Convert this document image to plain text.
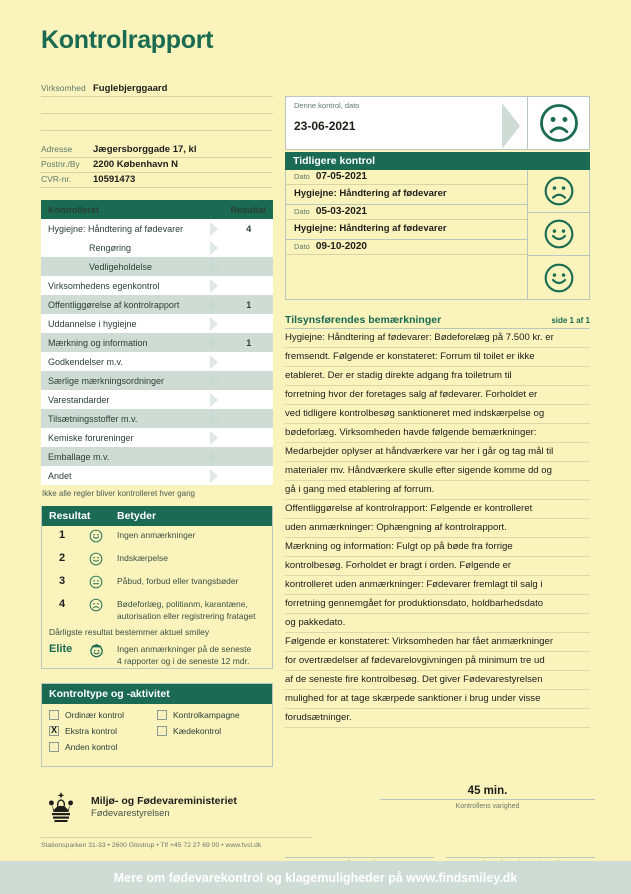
Kontrolrapport
Virksomhed Fuglebjerggaard
Adresse	Jægersborggade 17, kl
Postnr./By	2200 København N
CVR-nr.	10591473
Kontrolleret		Resultat
Hygiejne: Håndtering af fødevarer		4
Rengøring	

Vedligeholdelse	

Virksomhedens egenkontrol	

Offentliggørelse af kontrolrapport		1
Uddannelse i hygiejne	

Mærkning og information		1
Godkendelser m.v.	

Særlige mærkningsordninger	

Varestandarder	

Tilsætningsstoffer m.v.	

Kemiske forureninger	

Emballage m.v.	

Andet	

Ikke alle regler bliver kontrolleret hver gang
Resultat	Betyder
1	Ingen anmærkninger
2	Indskærpelse
3	Påbud, forbud eller tvangsbøder
4	Bødeforlæg, politianm, karantæne,
autorisation eller registrering frataget
Dårligste resultat bestemmer aktuel smiley
Elite	Ingen anmærkninger på de seneste
4 rapporter og i de seneste 12 mdr.
Kontroltype og -aktivitet
Ordinær kontrol	Kontrolkampagne
X
Ekstra kontrol	Kædekontrol
Anden kontrol
Denne kontrol, dato
23-06-2021
Tidligere kontrol
Dato 07-05-2021
Hygiejne: Håndtering af fødevarer
Dato 05-03-2021
Hygiejne: Håndtering af fødevarer
Dato 09-10-2020
Tilsynsførendes bemærkninger	side 1 af 1
Hygiejne: Håndtering af fødevarer: Bødeforelæg på 7.500 kr. er
fremsendt. Følgende er konstateret: Forrum til toilet er ikke
etableret. Der er stadig direkte adgang fra toiletrum til
forretning hvor der foretages salg af fødevarer. Forholdet er
ved tidligere kontrolbesøg sanktioneret med indskærpelse og
bødeforlæg. Virksomheden havde følgende bemærkninger:
Medarbejder oplyser at håndværkere var her i går og tag mål til
materialer mv. Håndværkere skulle efter sigende komme dd og
gå i gang med etablering af forrum.
Offentliggørelse af kontrolrapport: Følgende er kontrolleret
uden anmærkninger: Ophængning af kontrolrapport.
Mærkning og information: Fulgt op på bøde fra forrige
kontrolbesøg. Forholdet er bragt i orden. Følgende er
kontrolleret uden anmærkninger: Fødevarer fremlagt til salg i
forretning gennemgået for produktionsdato, holdbarhedsdato
og pakkedato.
Følgende er konstateret: Virksomheden har fået anmærkninger
for overtrædelser af fødevarelovgivningen på minimum tre ud
af de seneste fire kontrolbesøg. Det giver Fødevarestyrelsen
mulighed for at tage skærpede sanktioner i brug under visse
forudsætninger.
Miljø- og Fødevareministeriet
Fødevarestyrelsen
Stationsparken 31-33 • 2600 Glostrup • Tlf +45 72 27 69 00 • www.fvst.dk
45 min.
Kontrollens varighed
Mere om fødevarekontrol og klagemuligheder på www.findsmiley.dk
